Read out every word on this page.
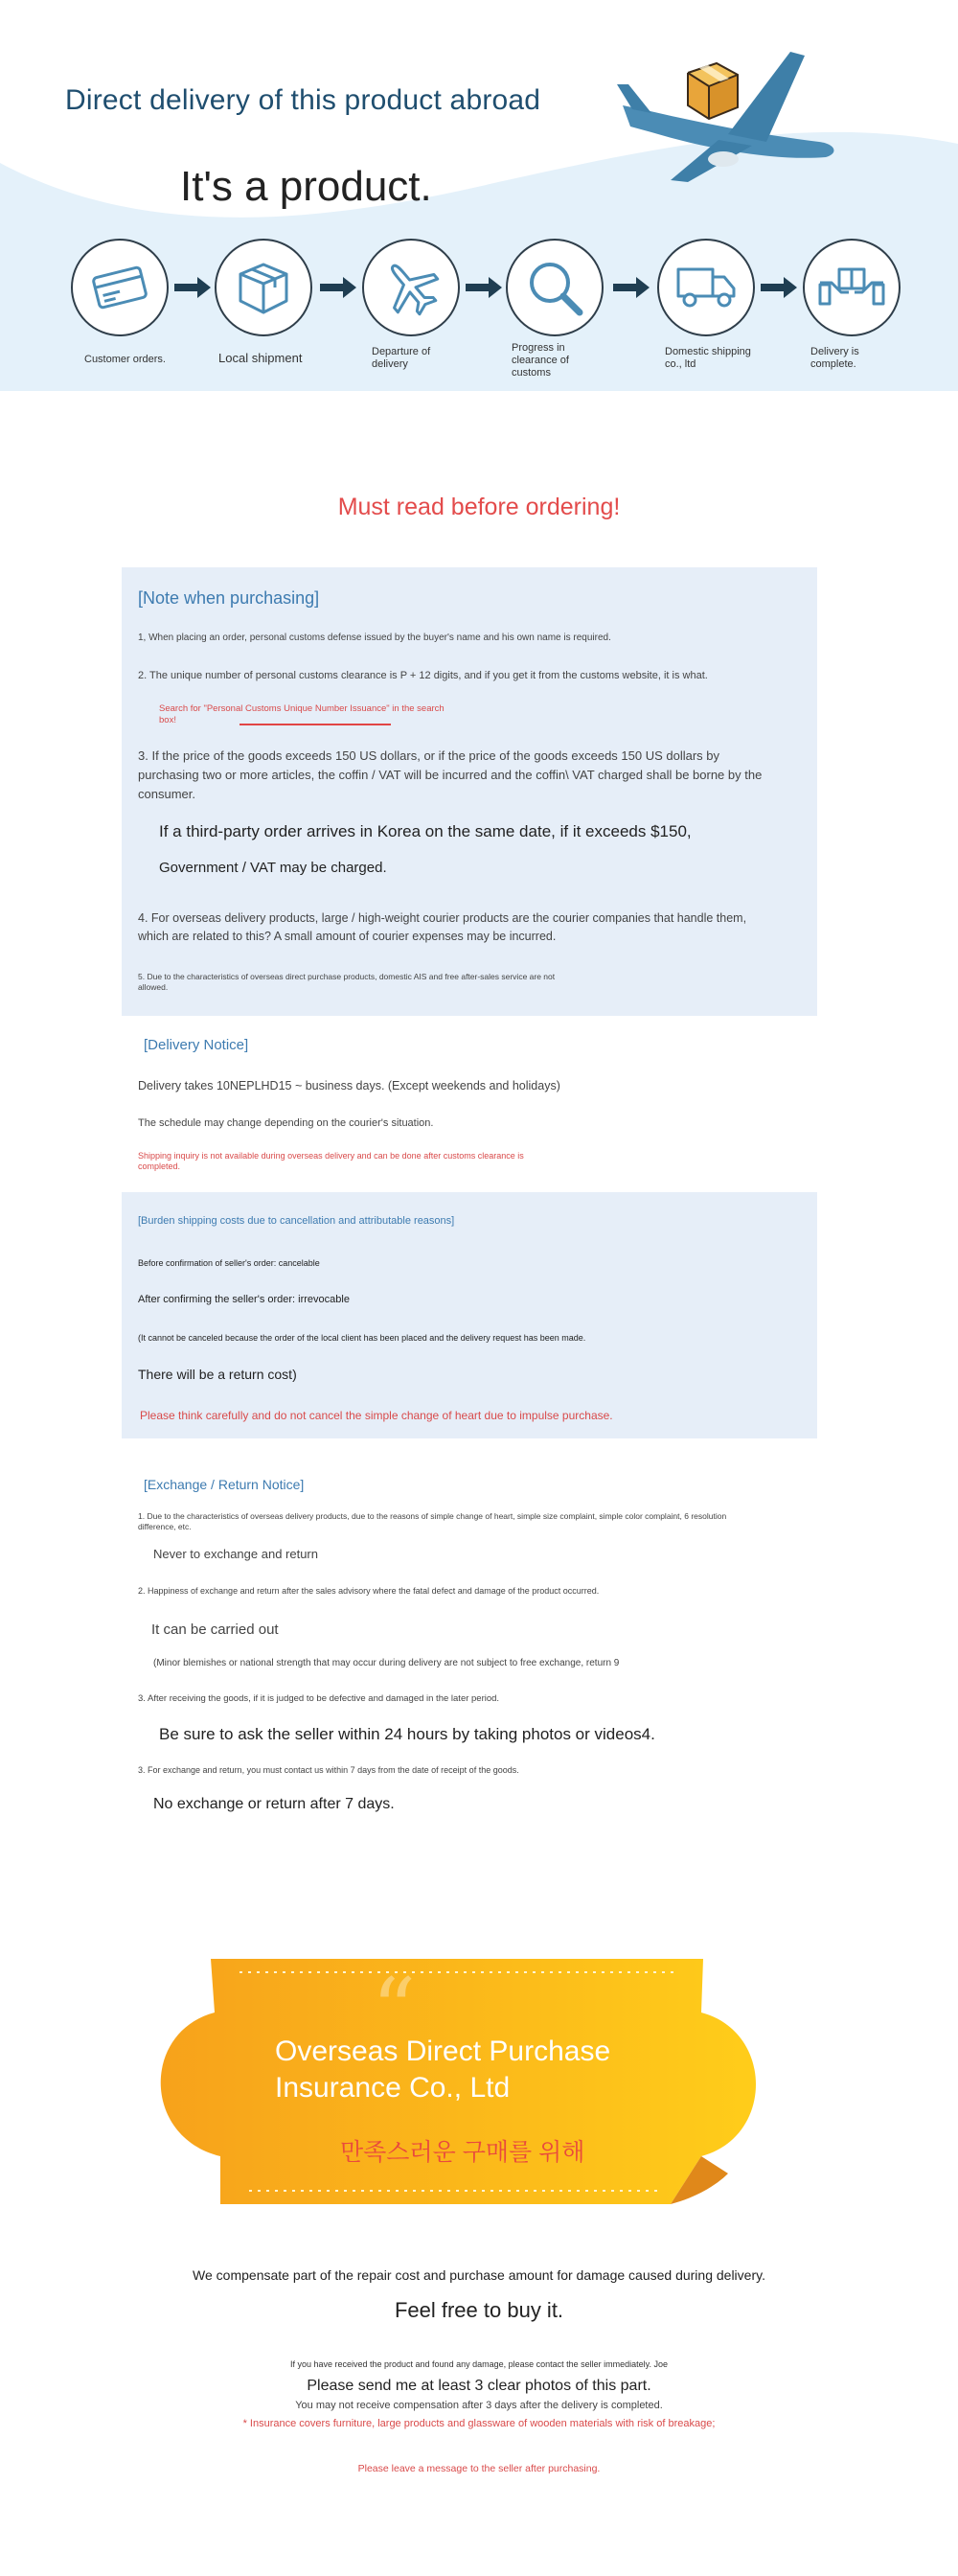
Direct delivery of this product abroad
It's a product.
Customer orders.	Local shipment	Departure of delivery
Progress in clearance of customs
Domestic shipping co., ltd
Delivery is complete.
Must read before ordering!
[Note when purchasing]
1, When placing an order, personal customs defense issued by the buyer's name and his own name is required.
2. The unique number of personal customs clearance is P + 12 digits, and if you get it from the customs website, it is what.
Search for "Personal Customs Unique Number Issuance" in the search box!
3. If the price of the goods exceeds 150 US dollars, or if the price of the goods exceeds 150 US dollars by purchasing two or more articles, the coffin / VAT will be incurred and the coffin\ VAT charged shall be borne by the consumer.
If a third-party order arrives in Korea on the same date, if it exceeds $150,
Government / VAT may be charged.
4. For overseas delivery products, large / high-weight courier products are the courier companies that handle them, which are related to this? A small amount of courier expenses may be incurred.
5. Due to the characteristics of overseas direct purchase products, domestic AIS and free after-sales service are not allowed.
[Delivery Notice]
Delivery takes 10NEPLHD15 ~ business days. (Except weekends and holidays)
The schedule may change depending on the courier's situation.
Shipping inquiry is not available during overseas delivery and can be done after customs clearance is completed.
[Burden shipping costs due to cancellation and attributable reasons]
Before confirmation of seller's order: cancelable
After confirming the seller's order: irrevocable
(It cannot be canceled because the order of the local client has been placed and the delivery request has been made.
There will be a return cost)
Please think carefully and do not cancel the simple change of heart due to impulse purchase.
[Exchange / Return Notice]
1. Due to the characteristics of overseas delivery products, due to the reasons of simple change of heart, simple size complaint, simple color complaint, 6 resolution difference, etc.
Never to exchange and return
2. Happiness of exchange and return after the sales advisory where the fatal defect and damage of the product occurred.
It can be carried out
(Minor blemishes or national strength that may occur during delivery are not subject to free exchange, return 9
3. After receiving the goods, if it is judged to be defective and damaged in the later period.
Be sure to ask the seller within 24 hours by taking photos or videos4.
3. For exchange and return, you must contact us within 7 days from the date of receipt of the goods.
No exchange or return after 7 days.
“
Overseas Direct Purchase Insurance Co., Ltd
만족스러운 구매를 위해
We compensate part of the repair cost and purchase amount for damage caused during delivery.
Feel free to buy it.
If you have received the product and found any damage, please contact the seller immediately. Joe
Please send me at least 3 clear photos of this part.
You may not receive compensation after 3 days after the delivery is completed.
* Insurance covers furniture, large products and glassware of wooden materials with risk of breakage;
Please leave a message to the seller after purchasing.
